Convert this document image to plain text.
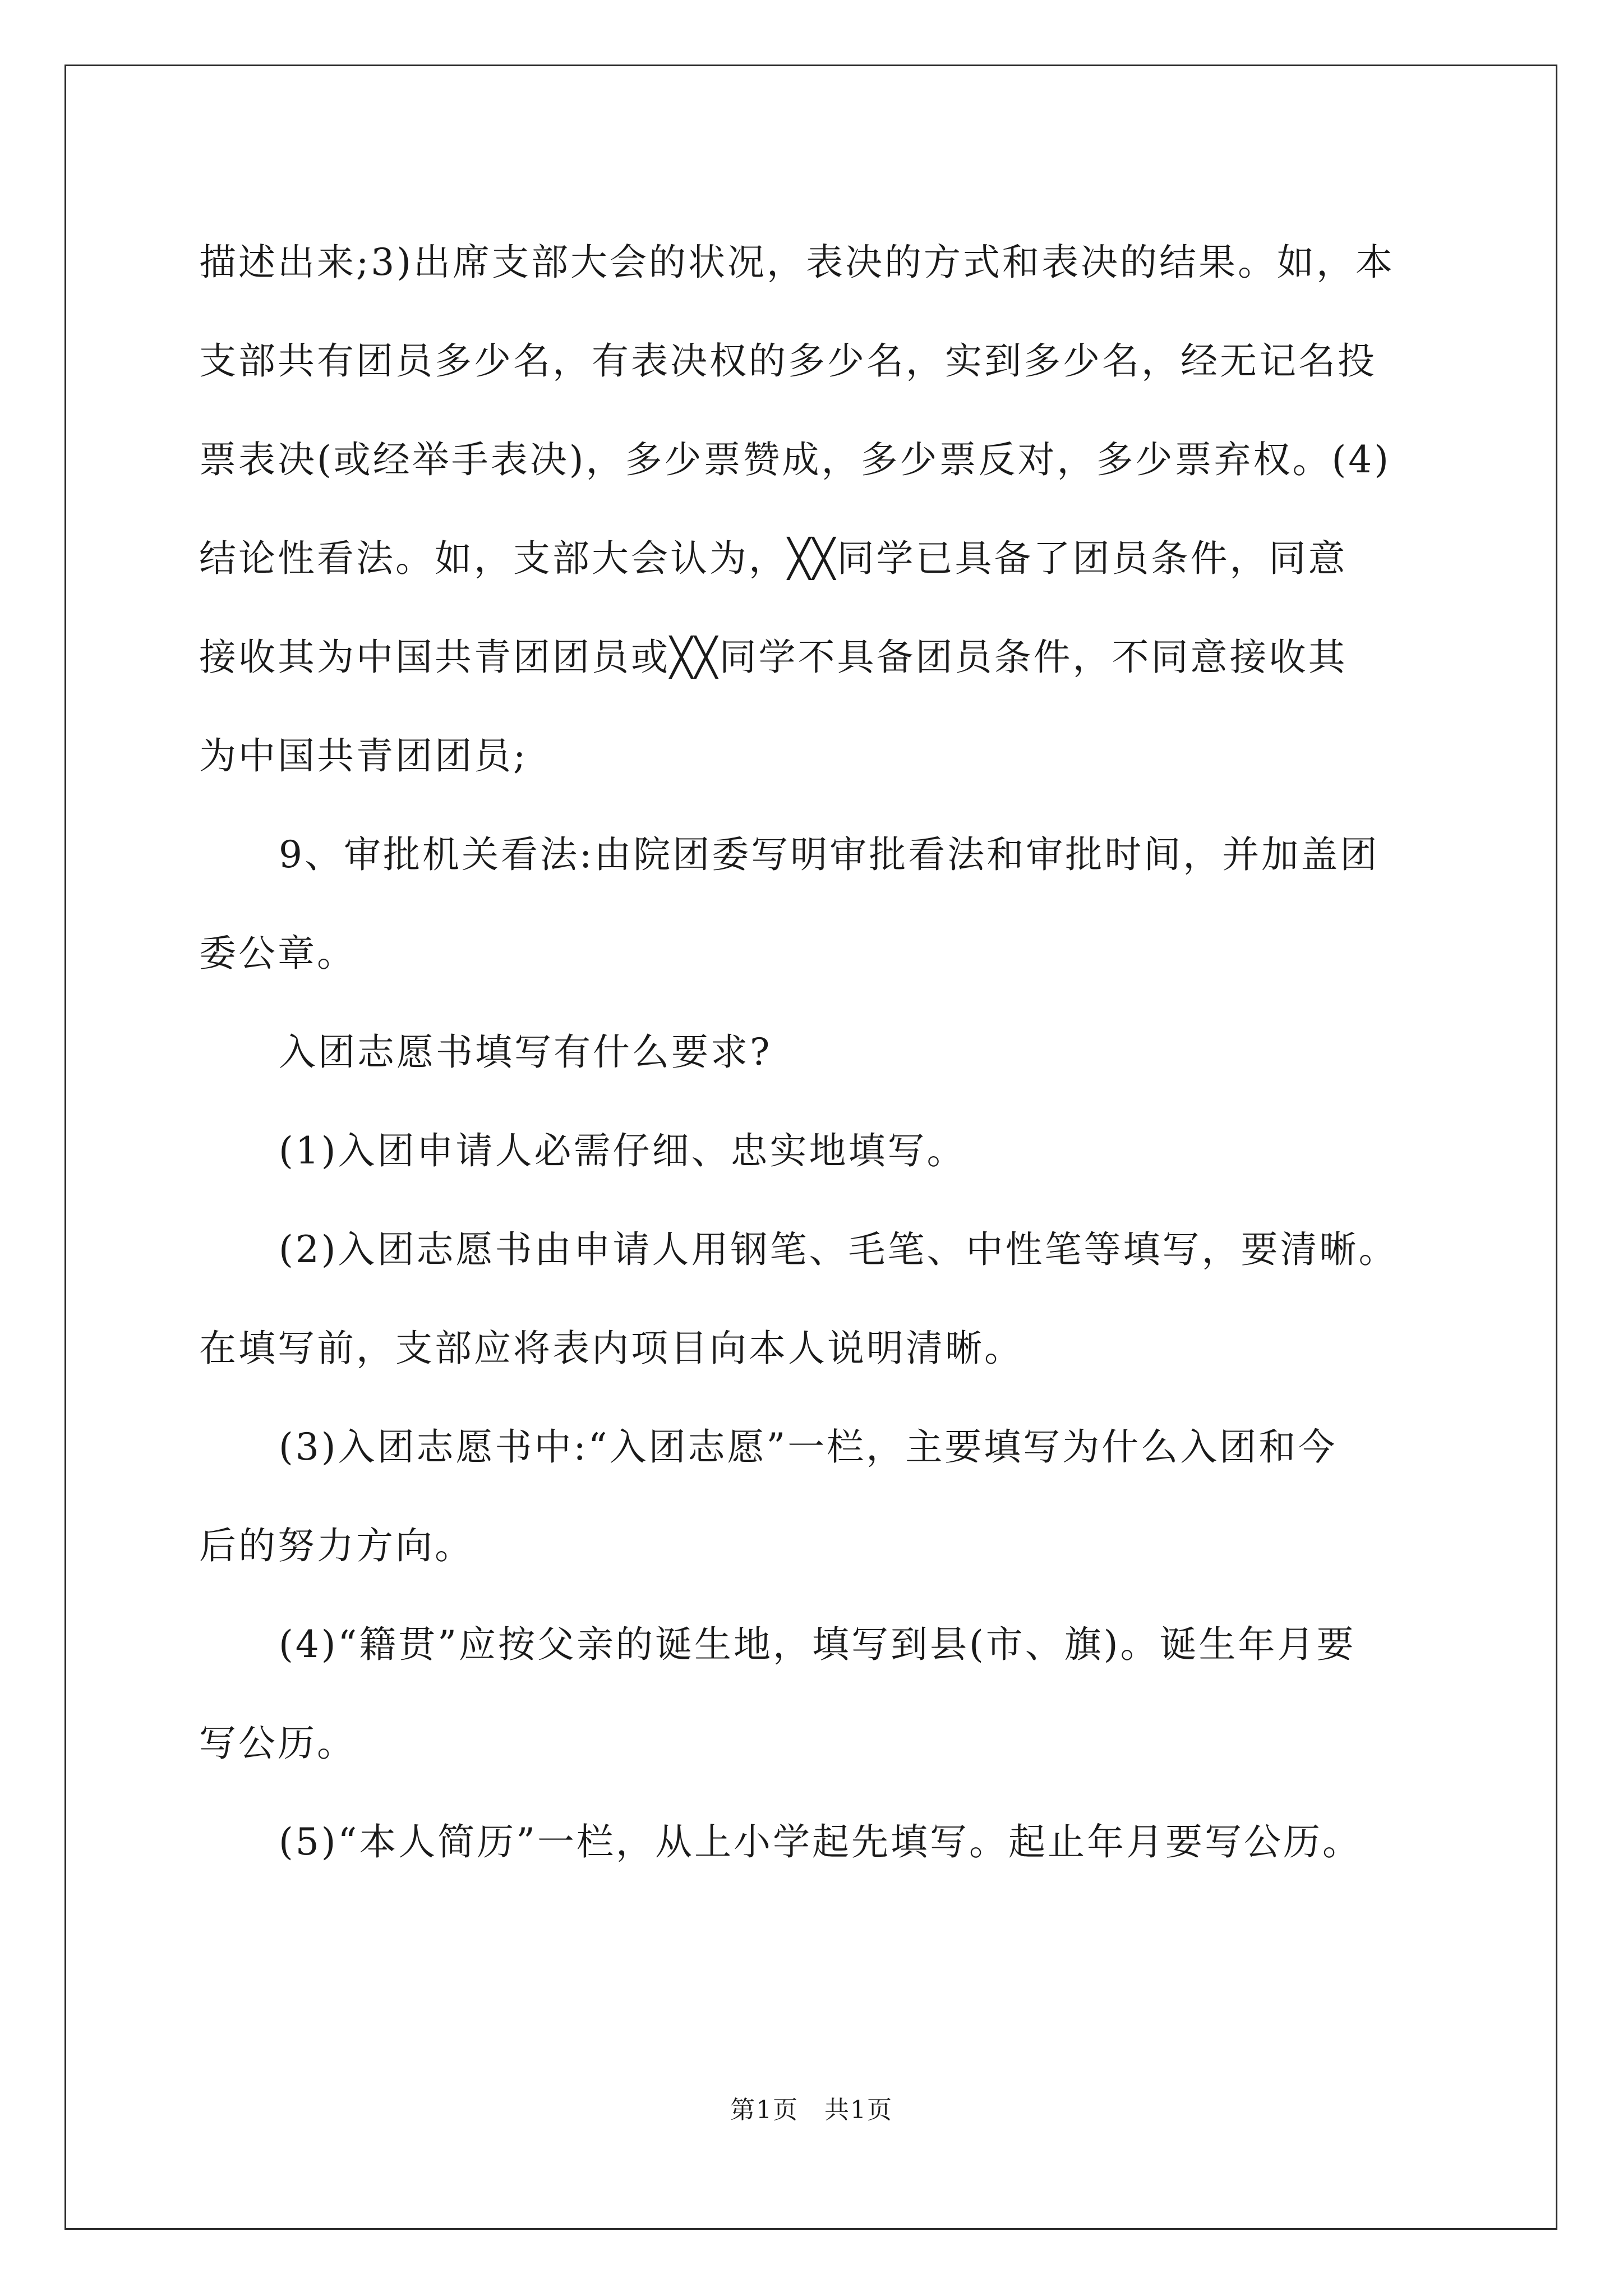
描述出来;3)出席支部大会的状况，表决的方式和表决的结果。如，本

支部共有团员多少名，有表决权的多少名，实到多少名，经无记名投

票表决(或经举手表决)，多少票赞成，多少票反对，多少票弃权。(4)

结论性看法。如，支部大会认为，╳╳同学已具备了团员条件，同意

接收其为中国共青团团员或╳╳同学不具备团员条件，不同意接收其

为中国共青团团员;

9、审批机关看法:由院团委写明审批看法和审批时间，并加盖团

委公章。

入团志愿书填写有什么要求?

(1)入团申请人必需仔细、忠实地填写。

(2)入团志愿书由申请人用钢笔、毛笔、中性笔等填写，要清晰。

在填写前，支部应将表内项目向本人说明清晰。

(3)入团志愿书中:“入团志愿”一栏，主要填写为什么入团和今

后的努力方向。

(4)“籍贯”应按父亲的诞生地，填写到县(市、旗)。诞生年月要

写公历。

(5)“本人简历”一栏，从上小学起先填写。起止年月要写公历。

第1页　共1页
